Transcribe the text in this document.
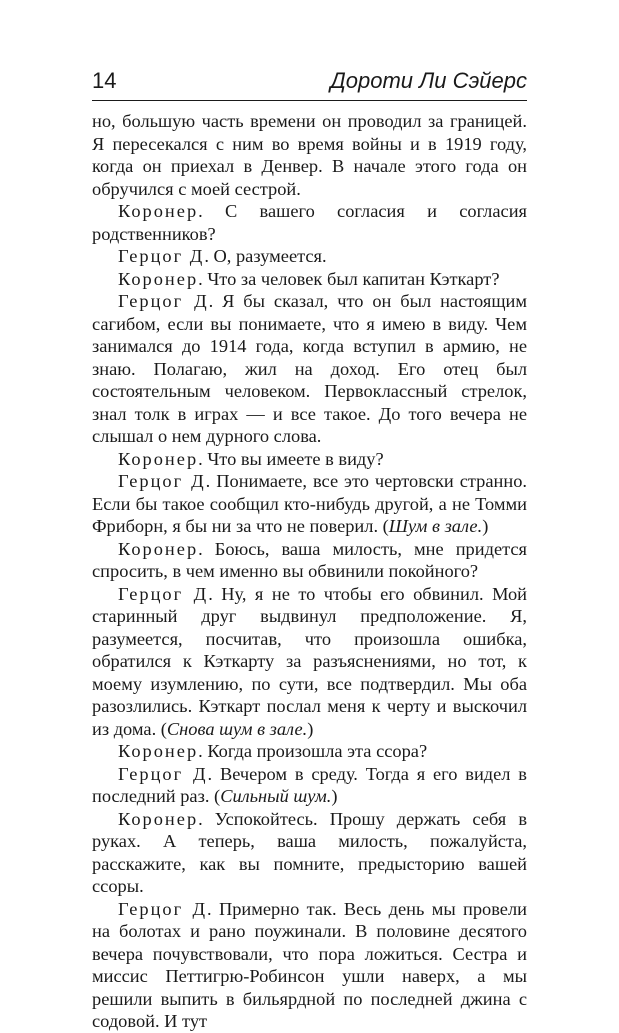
14	Дороти Ли Сэйерс

но, большую часть времени он проводил за границей. Я пересекался с ним во время войны и в 1919 году, когда он приехал в Денвер. В начале этого года он обручился с моей сестрой.

Коронер. С вашего согласия и согласия родственников?

Герцог Д. О, разумеется.

Коронер. Что за человек был капитан Кэткарт?

Герцог Д. Я бы сказал, что он был настоящим сагибом, если вы понимаете, что я имею в виду. Чем занимался до 1914 года, когда вступил в армию, не знаю. Полагаю, жил на доход. Его отец был состоятельным человеком. Первоклассный стрелок, знал толк в играх — и все такое. До того вечера не слышал о нем дурного слова.

Коронер. Что вы имеете в виду?

Герцог Д. Понимаете, все это чертовски странно. Если бы такое сообщил кто-нибудь другой, а не Томми Фриборн, я бы ни за что не поверил. (Шум в зале.)

Коронер. Боюсь, ваша милость, мне придется спросить, в чем именно вы обвинили покойного?

Герцог Д. Ну, я не то чтобы его обвинил. Мой старинный друг выдвинул предположение. Я, разумеется, посчитав, что произошла ошибка, обратился к Кэткарту за разъяснениями, но тот, к моему изумлению, по сути, все подтвердил. Мы оба разозлились. Кэткарт послал меня к черту и выскочил из дома. (Снова шум в зале.)

Коронер. Когда произошла эта ссора?

Герцог Д. Вечером в среду. Тогда я его видел в последний раз. (Сильный шум.)

Коронер. Успокойтесь. Прошу держать себя в руках. А теперь, ваша милость, пожалуйста, расскажите, как вы помните, предысторию вашей ссоры.

Герцог Д. Примерно так. Весь день мы провели на болотах и рано поужинали. В половине десятого вечера почувствовали, что пора ложиться. Сестра и миссис Петтигрю-Робинсон ушли наверх, а мы решили выпить в бильярдной по последней джина с содовой. И тут
